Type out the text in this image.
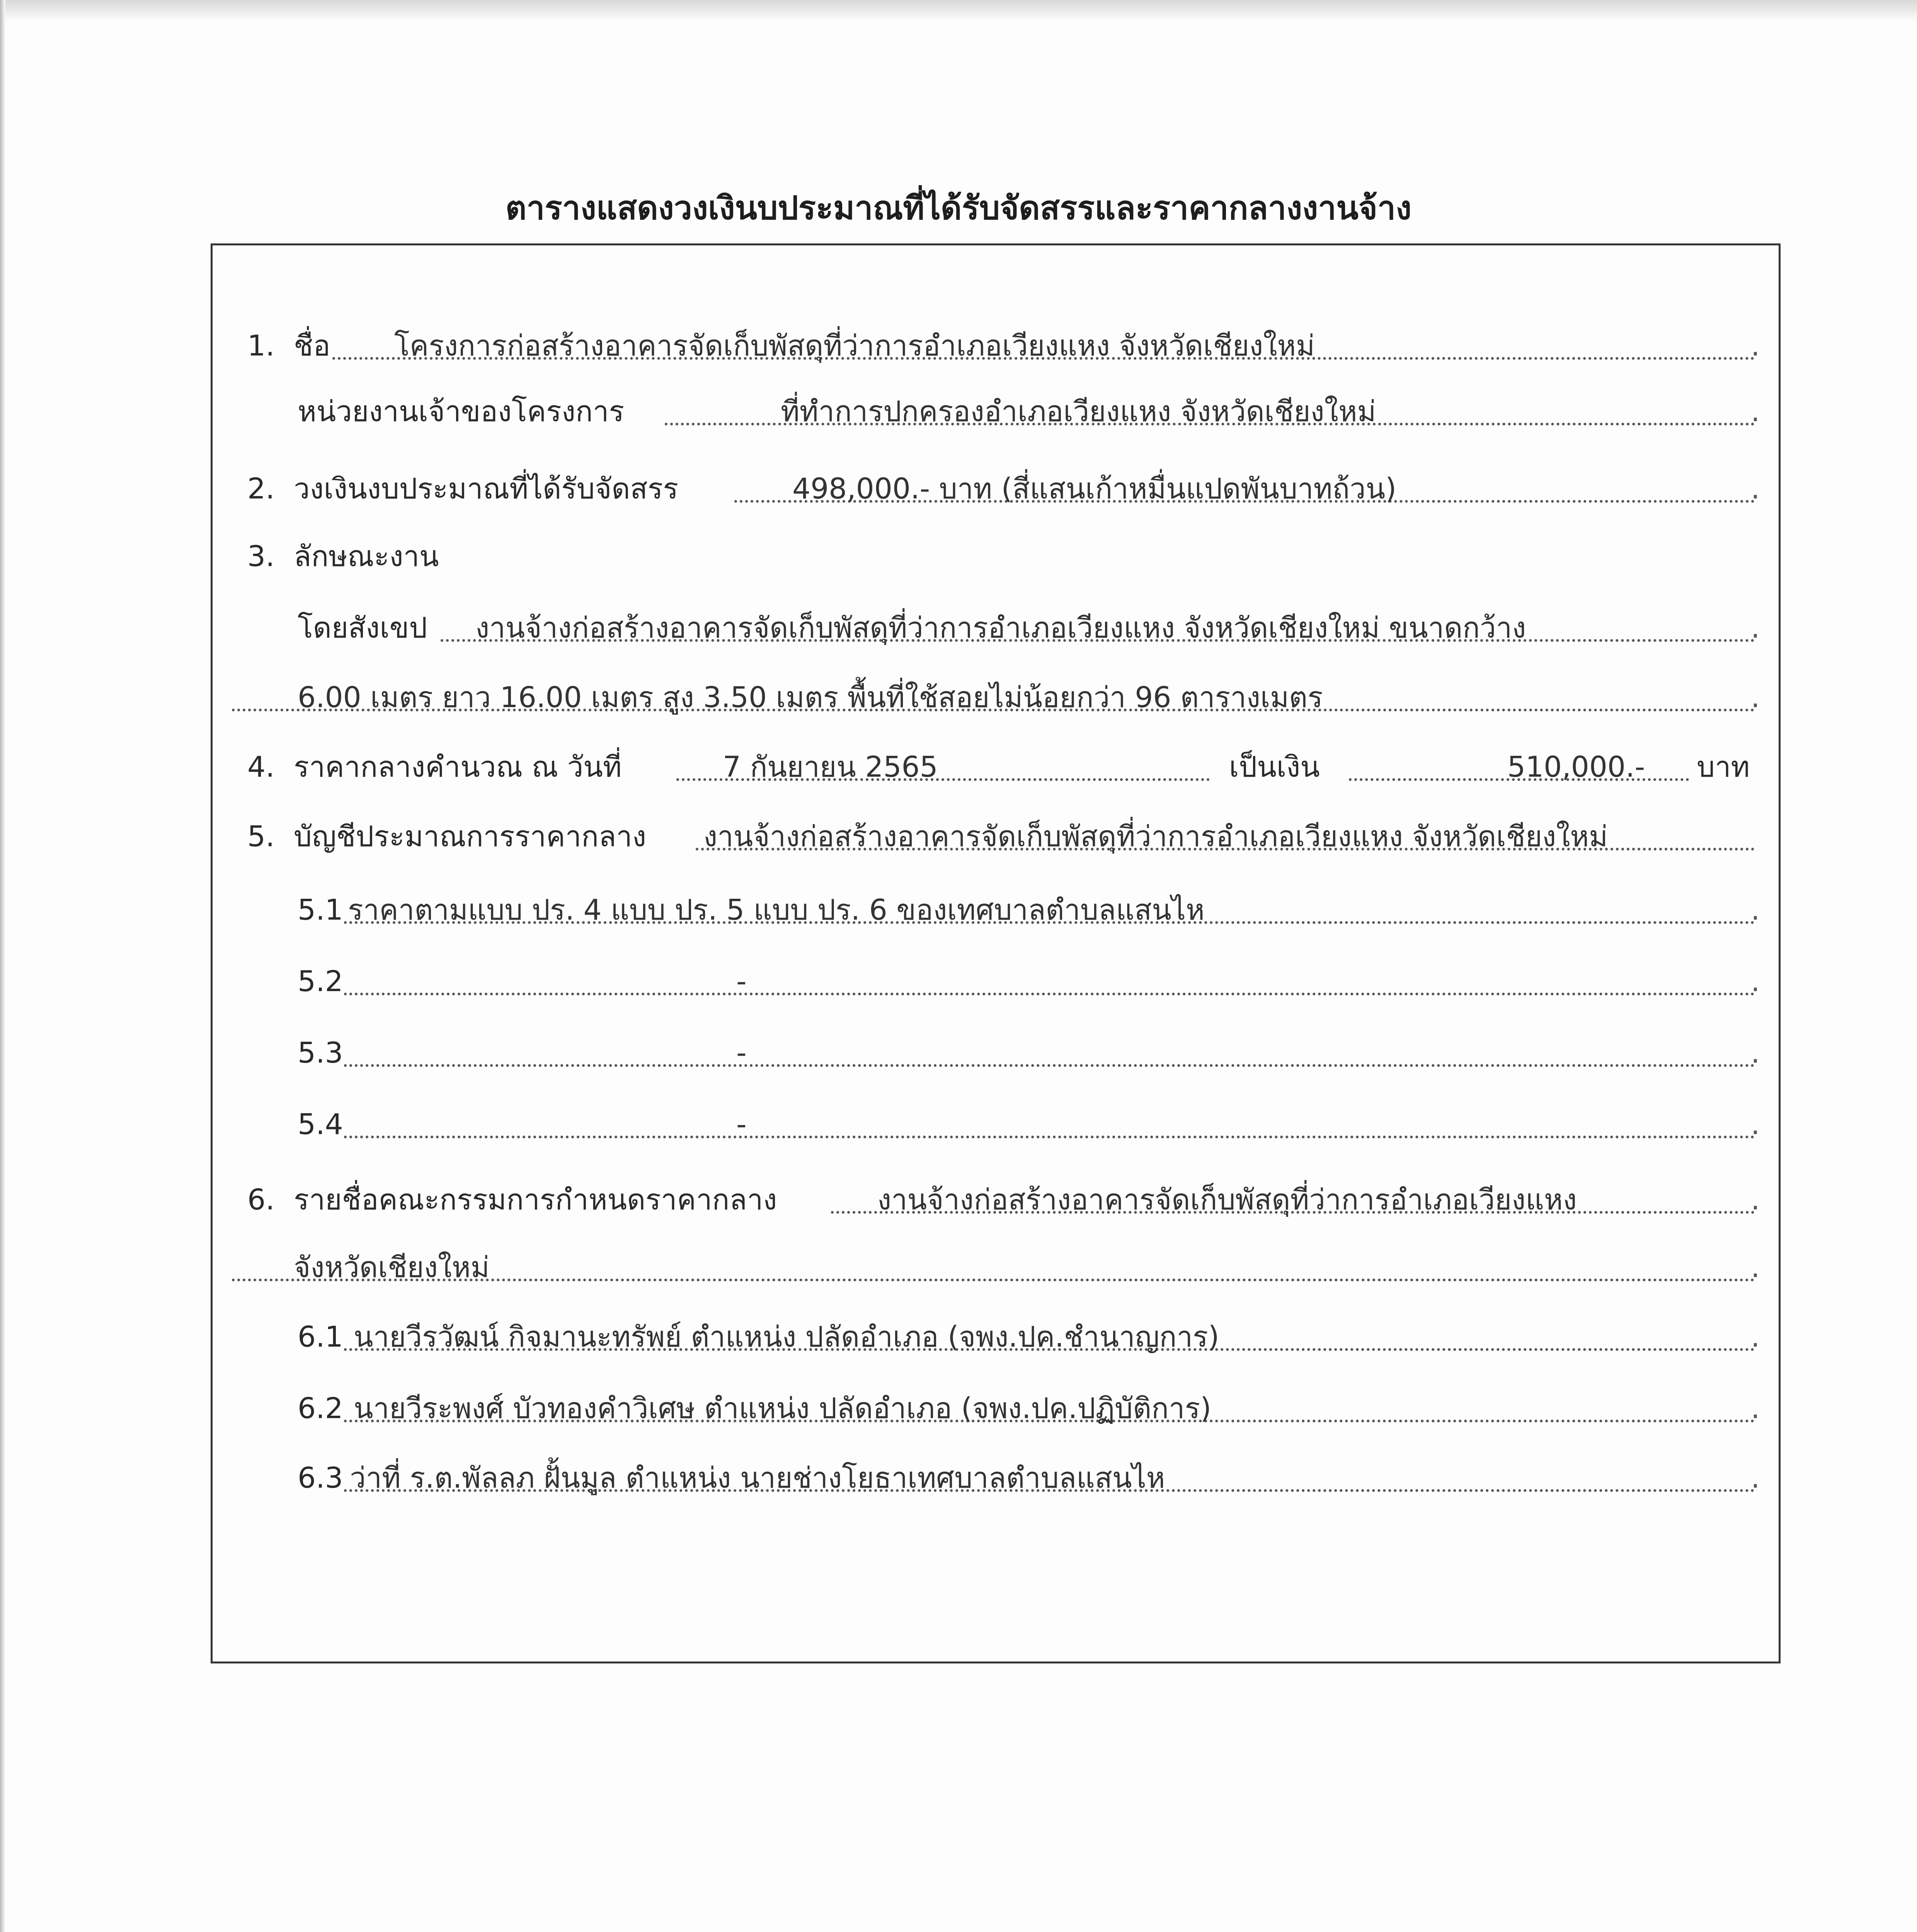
ตารางแสดงวงเงินบประมาณที่ได้รับจัดสรรและราคากลางงานจ้าง
1. ชื่อ โครงการก่อสร้างอาคารจัดเก็บพัสดุที่ว่าการอำเภอเวียงแหง จังหวัดเชียงใหม่	.
หน่วยงานเจ้าของโครงการ	ที่ทำการปกครองอำเภอเวียงแหง จังหวัดเชียงใหม่	.
2. วงเงินงบประมาณที่ได้รับจัดสรร	498,000.- บาท (สี่แสนเก้าหมื่นแปดพันบาทถ้วน)	.
3. ลักษณะงาน
โดยสังเขป งานจ้างก่อสร้างอาคารจัดเก็บพัสดุที่ว่าการอำเภอเวียงแหง จังหวัดเชียงใหม่ ขนาดกว้าง	.
6.00 เมตร ยาว 16.00 เมตร สูง 3.50 เมตร พื้นที่ใช้สอยไม่น้อยกว่า 96 ตารางเมตร	.
4. ราคากลางคำนวณ ณ วันที่	7 กันยายน 2565	เป็นเงิน	510,000.- บาท
5. บัญชีประมาณการราคากลาง งานจ้างก่อสร้างอาคารจัดเก็บพัสดุที่ว่าการอำเภอเวียงแหง จังหวัดเชียงใหม่
5.1 ราคาตามแบบ ปร. 4 แบบ ปร. 5 แบบ ปร. 6 ของเทศบาลตำบลแสนไห	.
5.2	-	.
5.3	-	.
5.4	-	.
6. รายชื่อคณะกรรมการกำหนดราคากลาง	งานจ้างก่อสร้างอาคารจัดเก็บพัสดุที่ว่าการอำเภอเวียงแหง	.
จังหวัดเชียงใหม่	.
6.1 นายวีรวัฒน์ กิจมานะทรัพย์ ตำแหน่ง ปลัดอำเภอ (จพง.ปค.ชำนาญการ)	.
6.2 นายวีระพงศ์ บัวทองคำวิเศษ ตำแหน่ง ปลัดอำเภอ (จพง.ปค.ปฏิบัติการ)	.
6.3 ว่าที่ ร.ต.พัลลภ ฝั้นมูล ตำแหน่ง นายช่างโยธาเทศบาลตำบลแสนไห	.
